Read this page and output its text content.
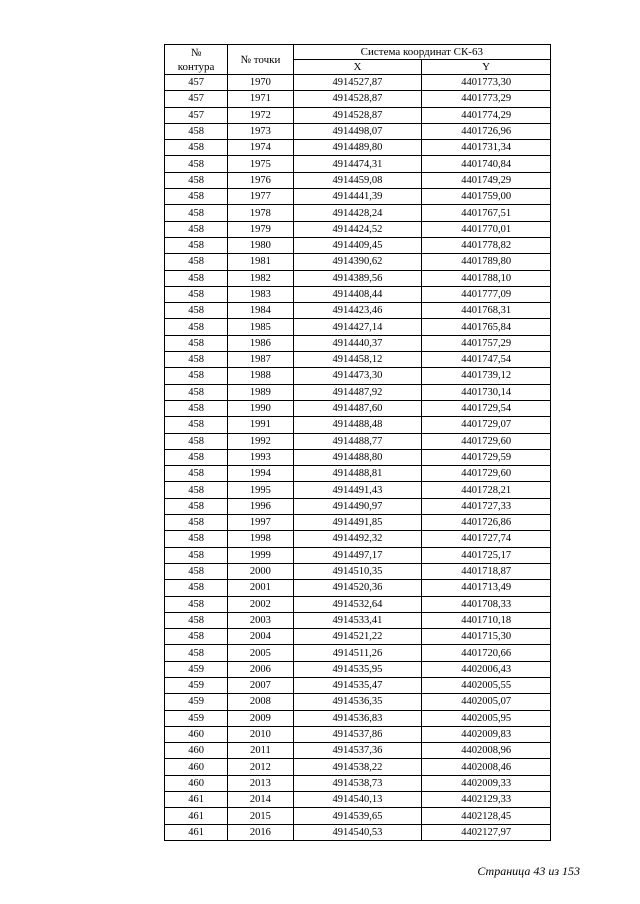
№
контура	№ точки	Система координат СК-63	
		X	Y
457	1970	4914527,87	4401773,30
457	1971	4914528,87	4401773,29
457	1972	4914528,87	4401774,29
458	1973	4914498,07	4401726,96
458	1974	4914489,80	4401731,34
458	1975	4914474,31	4401740,84
458	1976	4914459,08	4401749,29
458	1977	4914441,39	4401759,00
458	1978	4914428,24	4401767,51
458	1979	4914424,52	4401770,01
458	1980	4914409,45	4401778,82
458	1981	4914390,62	4401789,80
458	1982	4914389,56	4401788,10
458	1983	4914408,44	4401777,09
458	1984	4914423,46	4401768,31
458	1985	4914427,14	4401765,84
458	1986	4914440,37	4401757,29
458	1987	4914458,12	4401747,54
458	1988	4914473,30	4401739,12
458	1989	4914487,92	4401730,14
458	1990	4914487,60	4401729,54
458	1991	4914488,48	4401729,07
458	1992	4914488,77	4401729,60
458	1993	4914488,80	4401729,59
458	1994	4914488,81	4401729,60
458	1995	4914491,43	4401728,21
458	1996	4914490,97	4401727,33
458	1997	4914491,85	4401726,86
458	1998	4914492,32	4401727,74
458	1999	4914497,17	4401725,17
458	2000	4914510,35	4401718,87
458	2001	4914520,36	4401713,49
458	2002	4914532,64	4401708,33
458	2003	4914533,41	4401710,18
458	2004	4914521,22	4401715,30
458	2005	4914511,26	4401720,66
459	2006	4914535,95	4402006,43
459	2007	4914535,47	4402005,55
459	2008	4914536,35	4402005,07
459	2009	4914536,83	4402005,95
460	2010	4914537,86	4402009,83
460	2011	4914537,36	4402008,96
460	2012	4914538,22	4402008,46
460	2013	4914538,73	4402009,33
461	2014	4914540,13	4402129,33
461	2015	4914539,65	4402128,45
461	2016	4914540,53	4402127,97
Страница 43 из 153
